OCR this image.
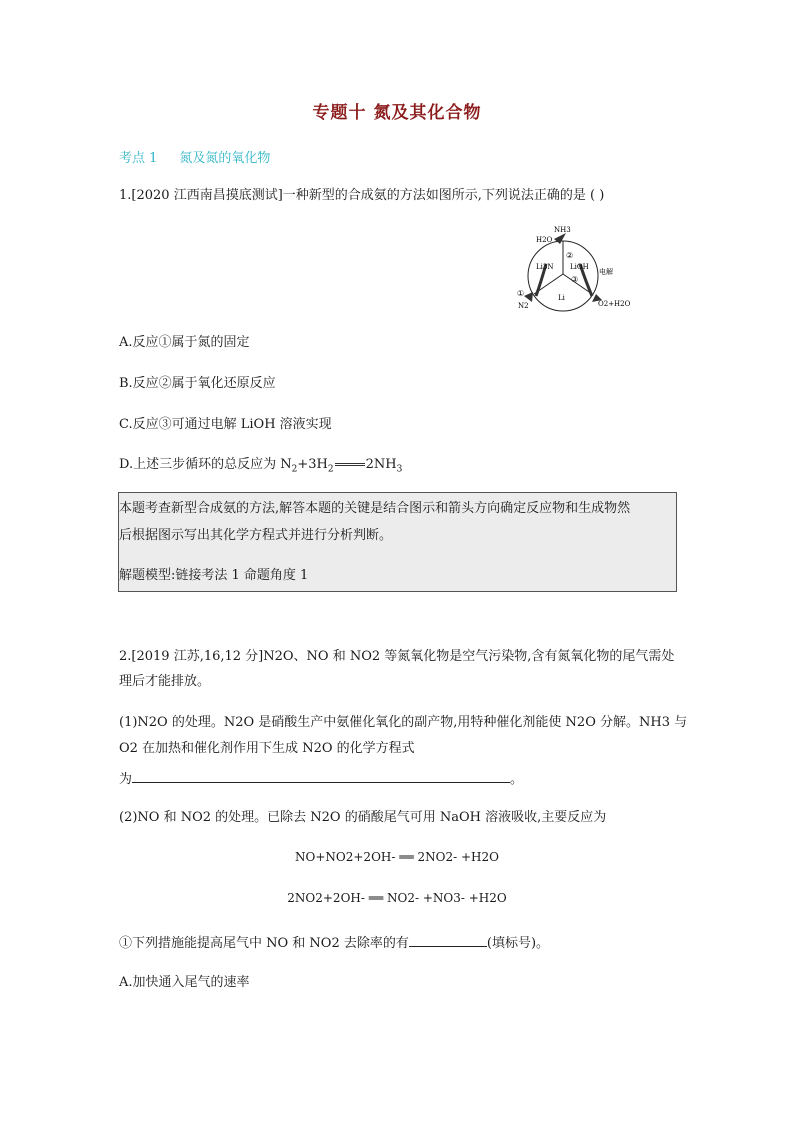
专题十 氮及其化合物
考点 1 氮及氮的氧化物
1.[2020 江西南昌摸底测试]一种新型的合成氨的方法如图所示,下列说法正确的是 ( )
NH3
H2O
Li3N LiOH
②
③
Li
电解
①
N2	O2+H2O
A.反应①属于氮的固定
B.反应②属于氧化还原反应
C.反应③可通过电解 LiOH 溶液实现
D.上述三步循环的总反应为 $N_2+3H_2$ $2NH_3$
本题考查新型合成氨的方法,解答本题的关键是结合图示和箭头方向确定反应物和生成物然
后根据图示写出其化学方程式并进行分析判断。
解题模型:链接考法 1 命题角度 1
2.[2019 江苏,16,12 分]N2O、NO 和 NO2 等氮氧化物是空气污染物,含有氮氧化物的尾气需处
理后才能排放。
(1)N2O 的处理。N2O 是硝酸生产中氨催化氧化的副产物,用特种催化剂能使 N2O 分解。NH3 与
O2 在加热和催化剂作用下生成 N2O 的化学方程式
为	。
(2)NO 和 NO2 的处理。已除去 N2O 的硝酸尾气可用 NaOH 溶液吸收,主要反应为
NO+NO2+2OH- ══ 2NO2- +H2O
2NO2+2OH- ══ NO2- +NO3- +H2O
①下列措施能提高尾气中 NO 和 NO2 去除率的有	(填标号)。
A.加快通入尾气的速率
